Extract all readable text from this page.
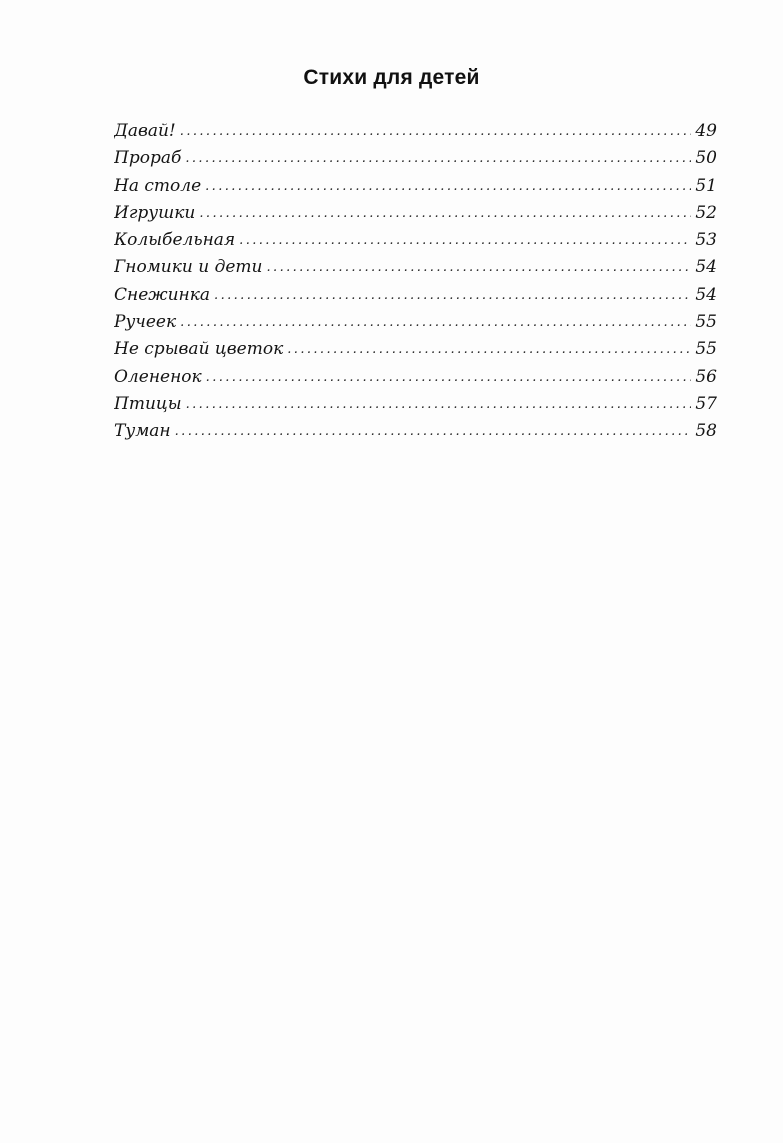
Стихи для детей
Давай! .....	49
Прораб .....	50
На столе .....	51
Игрушки .....	52
Колыбельная .....	53
Гномики и дети .....	54
Снежинка .....	54
Ручеек .....	55
Не срывай цветок .....	55
Олененок .....	56
Птицы .....	57
Туман .....	58
